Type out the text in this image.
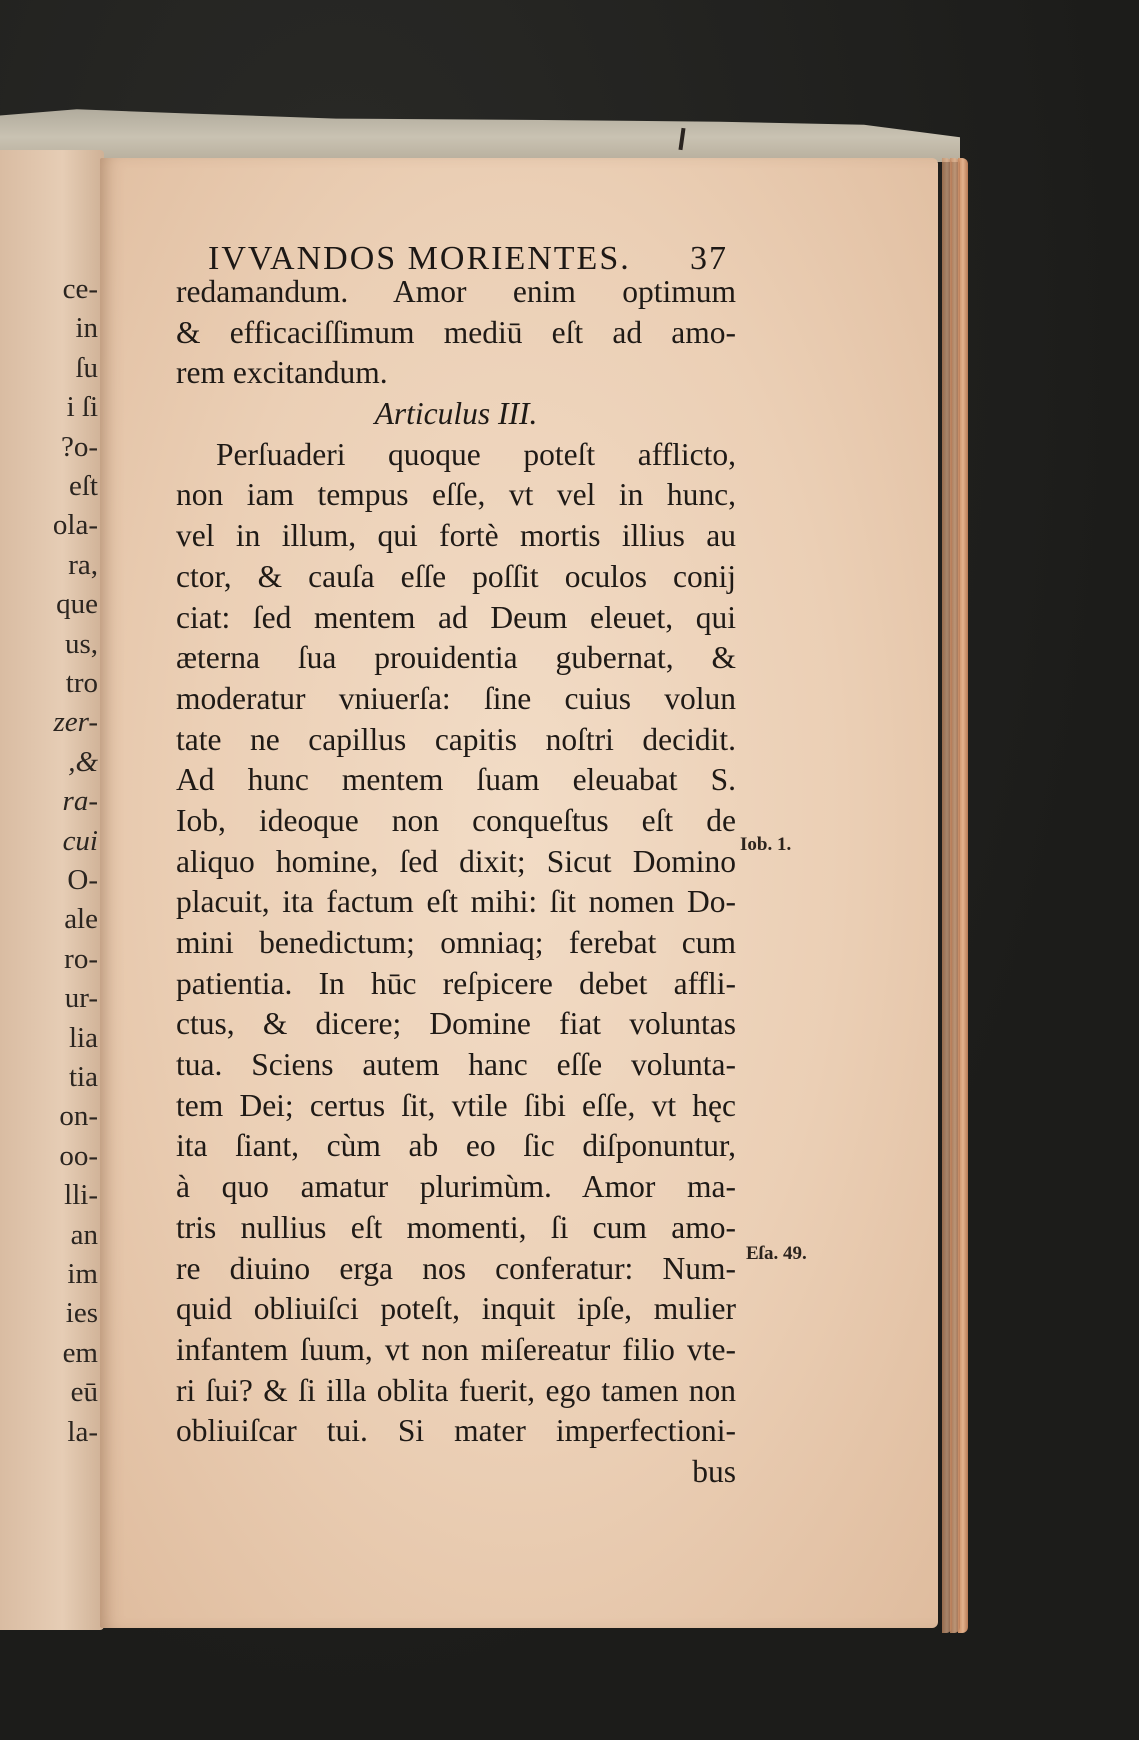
ce-
in
ſu
i ſi
?o-
eſt
ola-
ra,
que
us,
tro
zer-
,&
ra-
cui
O-
ale
ro-
ur-
lia
tia
on-
oo-
lli-
an
im
ies
em
eū
la-
IVVANDOS MORIENTES. 37
redamandum. Amor enim optimum
& efficaciſſimum mediū eſt ad amo-
rem excitandum.
Articulus III.
Perſuaderi quoque poteſt afflicto,
non iam tempus eſſe, vt vel in hunc,
vel in illum, qui fortè mortis illius au
ctor, & cauſa eſſe poſſit oculos conij
ciat: ſed mentem ad Deum eleuet, qui
æterna ſua prouidentia gubernat, &
moderatur vniuerſa: ſine cuius volun
tate ne capillus capitis noſtri decidit.
Ad hunc mentem ſuam eleuabat S.
Iob, ideoque non conqueſtus eſt de
aliquo homine, ſed dixit; Sicut Domino
placuit, ita factum eſt mihi: ſit nomen Do-
mini benedictum; omniaq; ferebat cum
patientia. In hūc reſpicere debet affli-
ctus, & dicere; Domine fiat voluntas
tua. Sciens autem hanc eſſe volunta-
tem Dei; certus ſit, vtile ſibi eſſe, vt hęc
ita ſiant, cùm ab eo ſic diſponuntur,
à quo amatur plurimùm. Amor ma-
tris nullius eſt momenti, ſi cum amo-
re diuino erga nos conferatur: Num-
quid obliuiſci poteſt, inquit ipſe, mulier
infantem ſuum, vt non miſereatur filio vte-
ri ſui? & ſi illa oblita fuerit, ego tamen non
obliuiſcar tui. Si mater imperfectioni-
bus
Iob. 1.
Eſa. 49.
